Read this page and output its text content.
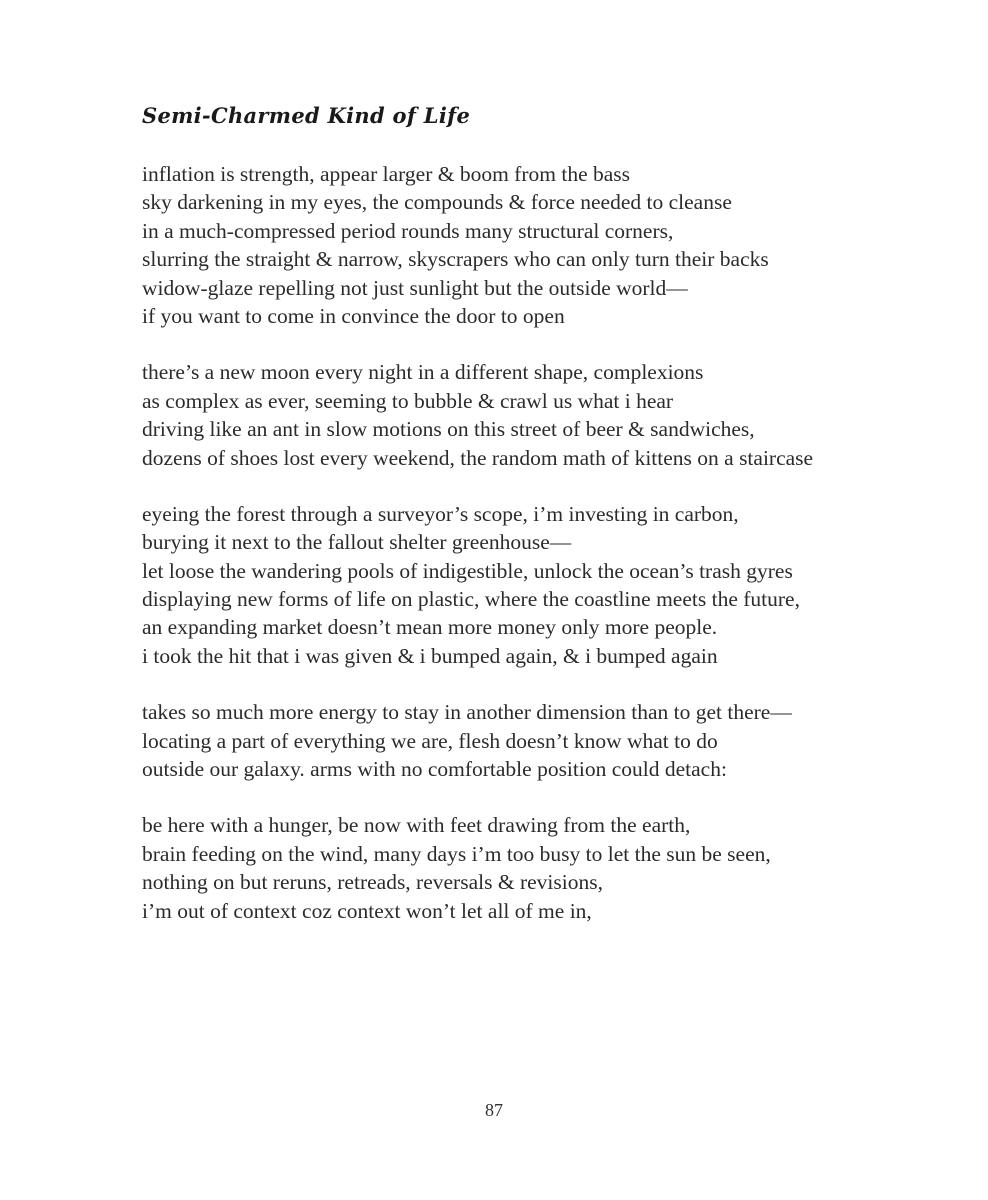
Semi-Charmed Kind of Life
inflation is strength, appear larger & boom from the bass
sky darkening in my eyes, the compounds & force needed to cleanse
in a much-compressed period rounds many structural corners,
slurring the straight & narrow, skyscrapers who can only turn their backs
widow-glaze repelling not just sunlight but the outside world—
if you want to come in convince the door to open
there’s a new moon every night in a different shape, complexions
as complex as ever, seeming to bubble & crawl us what i hear
driving like an ant in slow motions on this street of beer & sandwiches,
dozens of shoes lost every weekend, the random math of kittens on a staircase
eyeing the forest through a surveyor’s scope, i’m investing in carbon,
burying it next to the fallout shelter greenhouse—
let loose the wandering pools of indigestible, unlock the ocean’s trash gyres
displaying new forms of life on plastic, where the coastline meets the future,
an expanding market doesn’t mean more money only more people.
i took the hit that i was given & i bumped again, & i bumped again
takes so much more energy to stay in another dimension than to get there—
locating a part of everything we are, flesh doesn’t know what to do
outside our galaxy. arms with no comfortable position could detach:
be here with a hunger, be now with feet drawing from the earth,
brain feeding on the wind, many days i’m too busy to let the sun be seen,
nothing on but reruns, retreads, reversals & revisions,
i’m out of context coz context won’t let all of me in,
87
